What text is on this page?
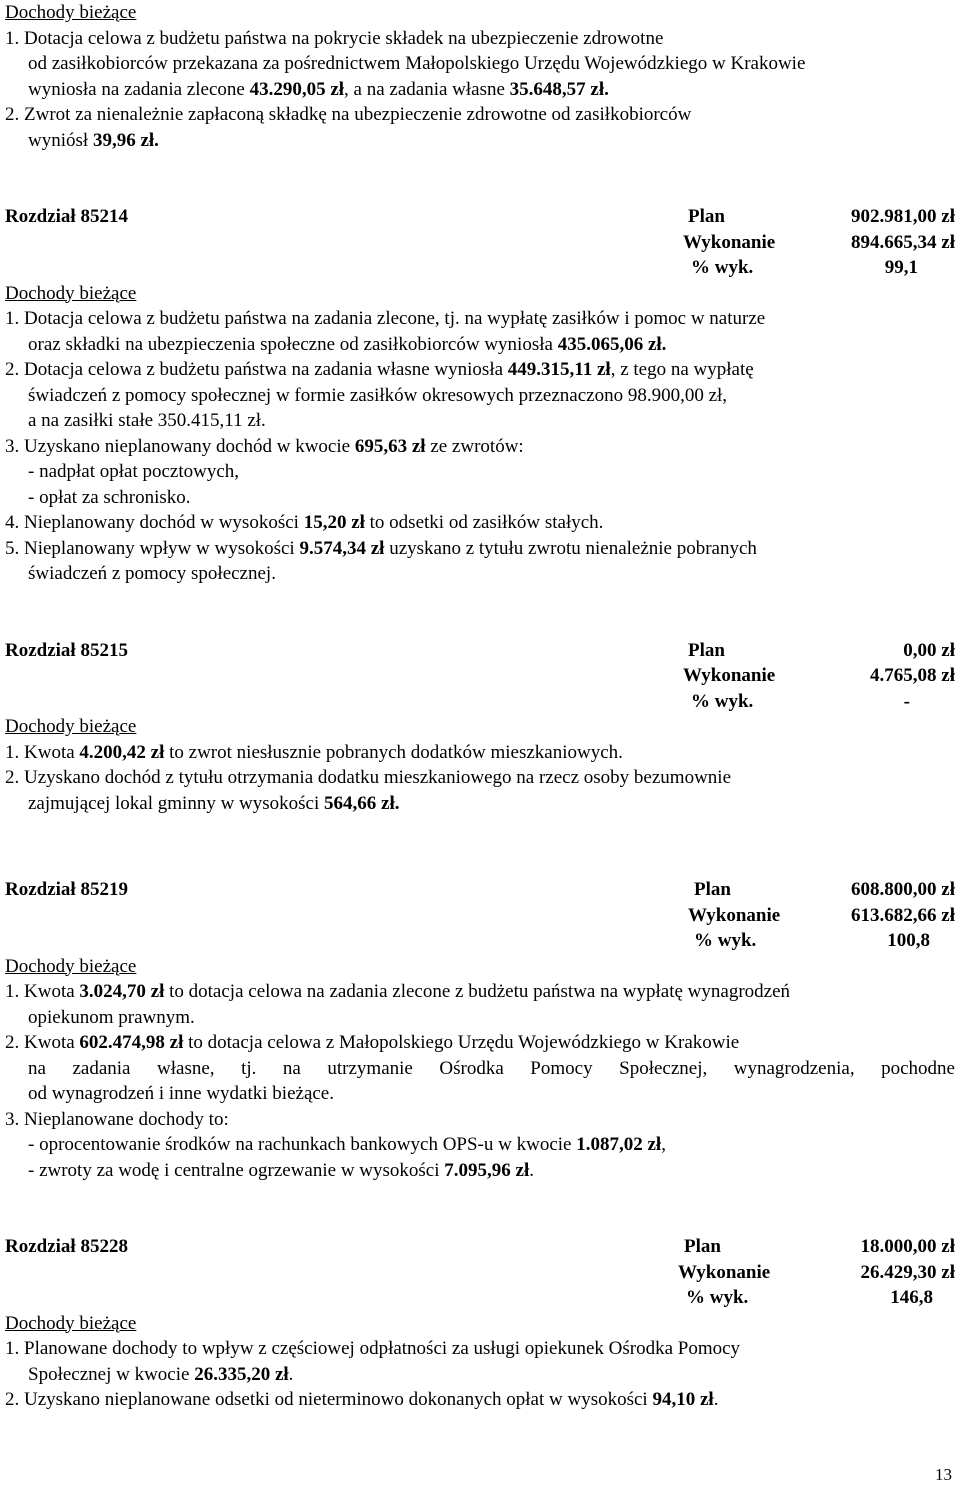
Dochody bieżące
1. Dotacja celowa z budżetu państwa na pokrycie składek na ubezpieczenie zdrowotne
od zasiłkobiorców przekazana za pośrednictwem Małopolskiego Urzędu Wojewódzkiego w Krakowie
wyniosła na zadania zlecone 43.290,05 zł, a na zadania własne 35.648,57 zł.
2. Zwrot za nienależnie zapłaconą składkę na ubezpieczenie zdrowotne od zasiłkobiorców
wyniósł 39,96 zł.
Rozdział 85214	Plan	902.981,00 zł
Wykonanie	894.665,34 zł
% wyk.	99,1
Dochody bieżące
1. Dotacja celowa z budżetu państwa na zadania zlecone, tj. na wypłatę zasiłków i pomoc w naturze
oraz składki na ubezpieczenia społeczne od zasiłkobiorców wyniosła 435.065,06 zł.
2. Dotacja celowa z budżetu państwa na zadania własne wyniosła 449.315,11 zł, z tego na wypłatę
świadczeń z pomocy społecznej w formie zasiłków okresowych przeznaczono 98.900,00 zł,
a na zasiłki stałe 350.415,11 zł.
3. Uzyskano nieplanowany dochód w kwocie 695,63 zł ze zwrotów:
- nadpłat opłat pocztowych,
- opłat za schronisko.
4. Nieplanowany dochód w wysokości 15,20 zł to odsetki od zasiłków stałych.
5. Nieplanowany wpływ w wysokości 9.574,34 zł uzyskano z tytułu zwrotu nienależnie pobranych
świadczeń z pomocy społecznej.
Rozdział 85215	Plan	0,00 zł
Wykonanie	4.765,08 zł
% wyk.	-
Dochody bieżące
1. Kwota 4.200,42 zł to zwrot niesłusznie pobranych dodatków mieszkaniowych.
2. Uzyskano dochód z tytułu otrzymania dodatku mieszkaniowego na rzecz osoby bezumownie
zajmującej lokal gminny w wysokości 564,66 zł.
Rozdział 85219	Plan	608.800,00 zł
Wykonanie	613.682,66 zł
% wyk.	100,8
Dochody bieżące
1. Kwota 3.024,70 zł to dotacja celowa na zadania zlecone z budżetu państwa na wypłatę wynagrodzeń
opiekunom prawnym.
2. Kwota 602.474,98 zł to dotacja celowa z Małopolskiego Urzędu Wojewódzkiego w Krakowie
na zadania własne, tj. na utrzymanie Ośrodka Pomocy Społecznej, wynagrodzenia, pochodne
od wynagrodzeń i inne wydatki bieżące.
3. Nieplanowane dochody to:
- oprocentowanie środków na rachunkach bankowych OPS-u w kwocie 1.087,02 zł,
- zwroty za wodę i centralne ogrzewanie w wysokości 7.095,96 zł.
Rozdział 85228	Plan	18.000,00 zł
Wykonanie	26.429,30 zł
% wyk.	146,8
Dochody bieżące
1. Planowane dochody to wpływ z częściowej odpłatności za usługi opiekunek Ośrodka Pomocy
Społecznej w kwocie 26.335,20 zł.
2. Uzyskano nieplanowane odsetki od nieterminowo dokonanych opłat w wysokości 94,10 zł.
13
